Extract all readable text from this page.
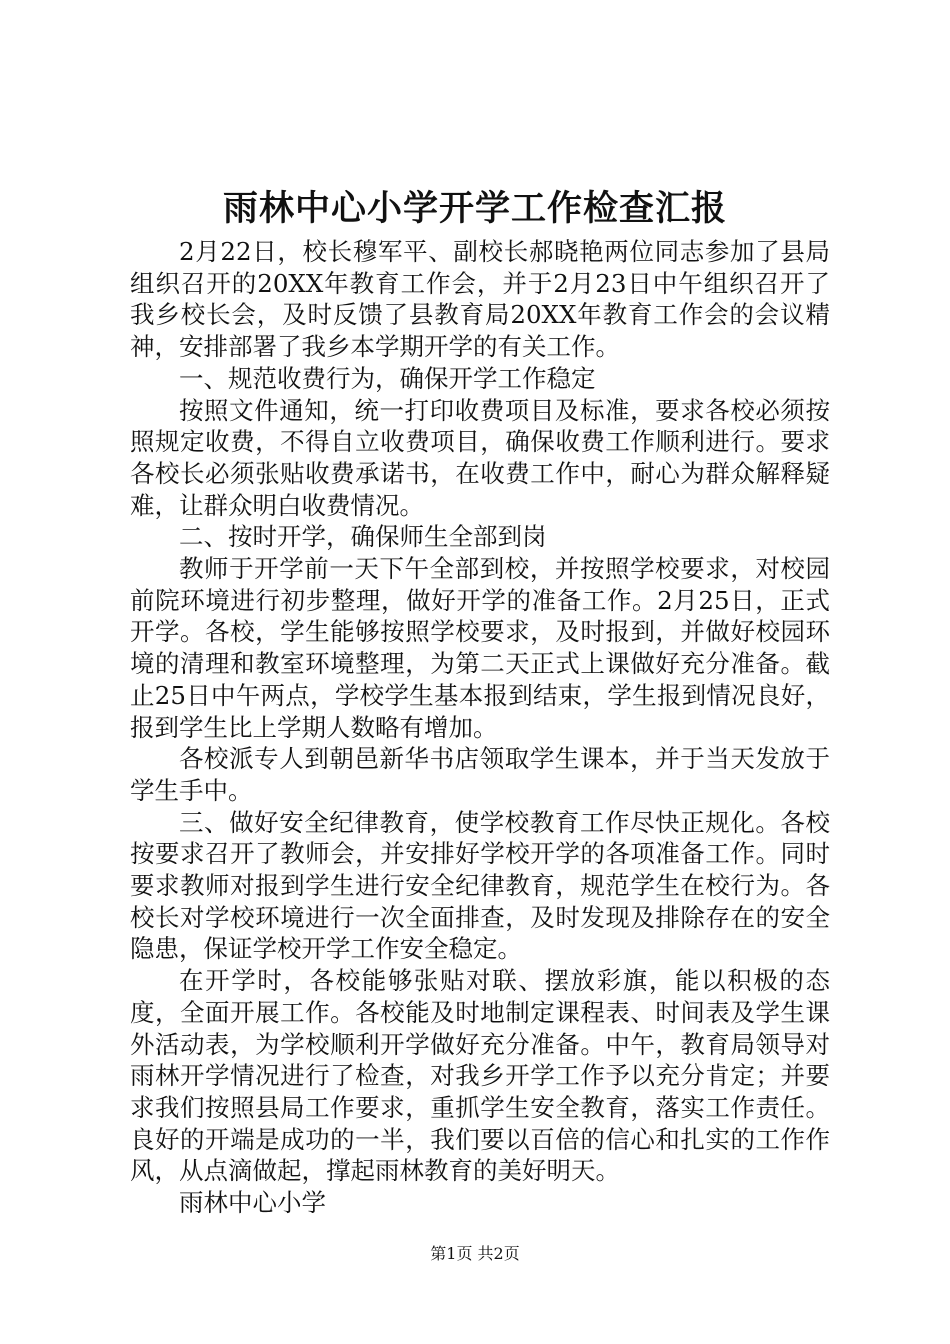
雨林中心小学开学工作检查汇报

2月22日，校长穆军平、副校长郝晓艳两位同志参加了县局组织召开的20XX年教育工作会，并于2月23日中午组织召开了我乡校长会，及时反馈了县教育局20XX年教育工作会的会议精神，安排部署了我乡本学期开学的有关工作。

一、规范收费行为，确保开学工作稳定

按照文件通知，统一打印收费项目及标准，要求各校必须按照规定收费，不得自立收费项目，确保收费工作顺利进行。要求各校长必须张贴收费承诺书，在收费工作中，耐心为群众解释疑难，让群众明白收费情况。

二、按时开学，确保师生全部到岗

教师于开学前一天下午全部到校，并按照学校要求，对校园前院环境进行初步整理，做好开学的准备工作。2月25日，正式开学。各校，学生能够按照学校要求，及时报到，并做好校园环境的清理和教室环境整理，为第二天正式上课做好充分准备。截止25日中午两点，学校学生基本报到结束，学生报到情况良好，报到学生比上学期人数略有增加。

各校派专人到朝邑新华书店领取学生课本，并于当天发放于学生手中。

三、做好安全纪律教育，使学校教育工作尽快正规化。各校按要求召开了教师会，并安排好学校开学的各项准备工作。同时要求教师对报到学生进行安全纪律教育，规范学生在校行为。各校长对学校环境进行一次全面排查，及时发现及排除存在的安全隐患，保证学校开学工作安全稳定。

在开学时，各校能够张贴对联、摆放彩旗，能以积极的态度，全面开展工作。各校能及时地制定课程表、时间表及学生课外活动表，为学校顺利开学做好充分准备。中午，教育局领导对雨林开学情况进行了检查，对我乡开学工作予以充分肯定；并要求我们按照县局工作要求，重抓学生安全教育，落实工作责任。良好的开端是成功的一半，我们要以百倍的信心和扎实的工作作风，从点滴做起，撑起雨林教育的美好明天。

雨林中心小学

第1页 共2页
